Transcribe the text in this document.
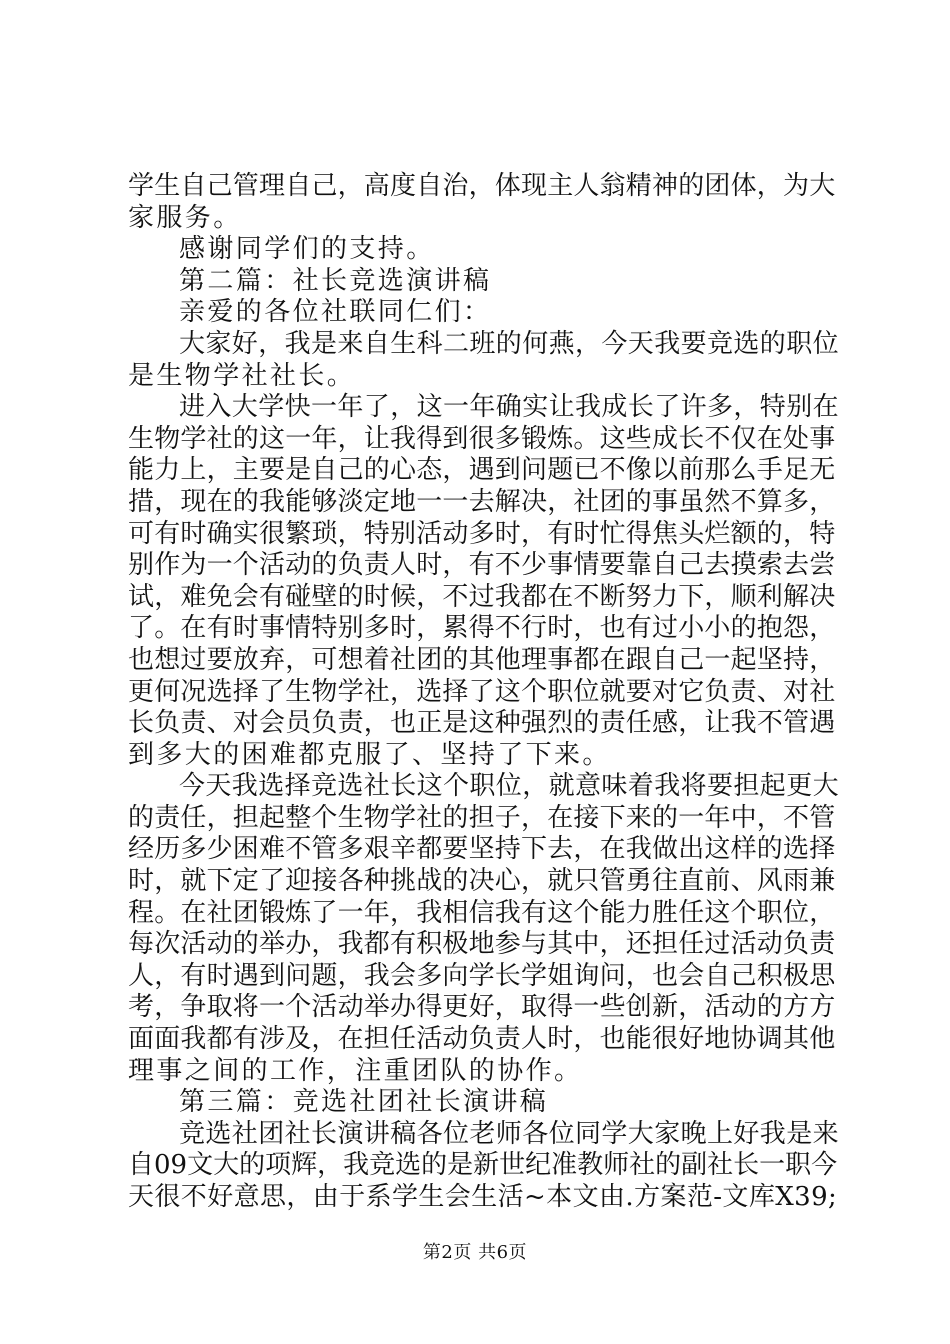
学生自己管理自己，高度自治，体现主人翁精神的团体，为大
家服务。
感谢同学们的支持。
第二篇：社长竞选演讲稿
亲爱的各位社联同仁们：
大家好，我是来自生科二班的何燕，今天我要竞选的职位
是生物学社社长。
进入大学快一年了，这一年确实让我成长了许多，特别在
生物学社的这一年，让我得到很多锻炼。这些成长不仅在处事
能力上，主要是自己的心态，遇到问题已不像以前那么手足无
措，现在的我能够淡定地一一去解决，社团的事虽然不算多，
可有时确实很繁琐，特别活动多时，有时忙得焦头烂额的，特
别作为一个活动的负责人时，有不少事情要靠自己去摸索去尝
试，难免会有碰壁的时候，不过我都在不断努力下，顺利解决
了。在有时事情特别多时，累得不行时，也有过小小的抱怨，
也想过要放弃，可想着社团的其他理事都在跟自己一起坚持，
更何况选择了生物学社，选择了这个职位就要对它负责、对社
长负责、对会员负责，也正是这种强烈的责任感，让我不管遇
到多大的困难都克服了、坚持了下来。
今天我选择竞选社长这个职位，就意味着我将要担起更大
的责任，担起整个生物学社的担子，在接下来的一年中，不管
经历多少困难不管多艰辛都要坚持下去，在我做出这样的选择
时，就下定了迎接各种挑战的决心，就只管勇往直前、风雨兼
程。在社团锻炼了一年，我相信我有这个能力胜任这个职位，
每次活动的举办，我都有积极地参与其中，还担任过活动负责
人，有时遇到问题，我会多向学长学姐询问，也会自己积极思
考，争取将一个活动举办得更好，取得一些创新，活动的方方
面面我都有涉及，在担任活动负责人时，也能很好地协调其他
理事之间的工作，注重团队的协作。
第三篇：竞选社团社长演讲稿
竞选社团社长演讲稿各位老师各位同学大家晚上好我是来
自09文大的项辉，我竞选的是新世纪准教师社的副社长一职今
天很不好意思，由于系学生会生活~本文由.方案范-文库X39;
第2页 共6页
